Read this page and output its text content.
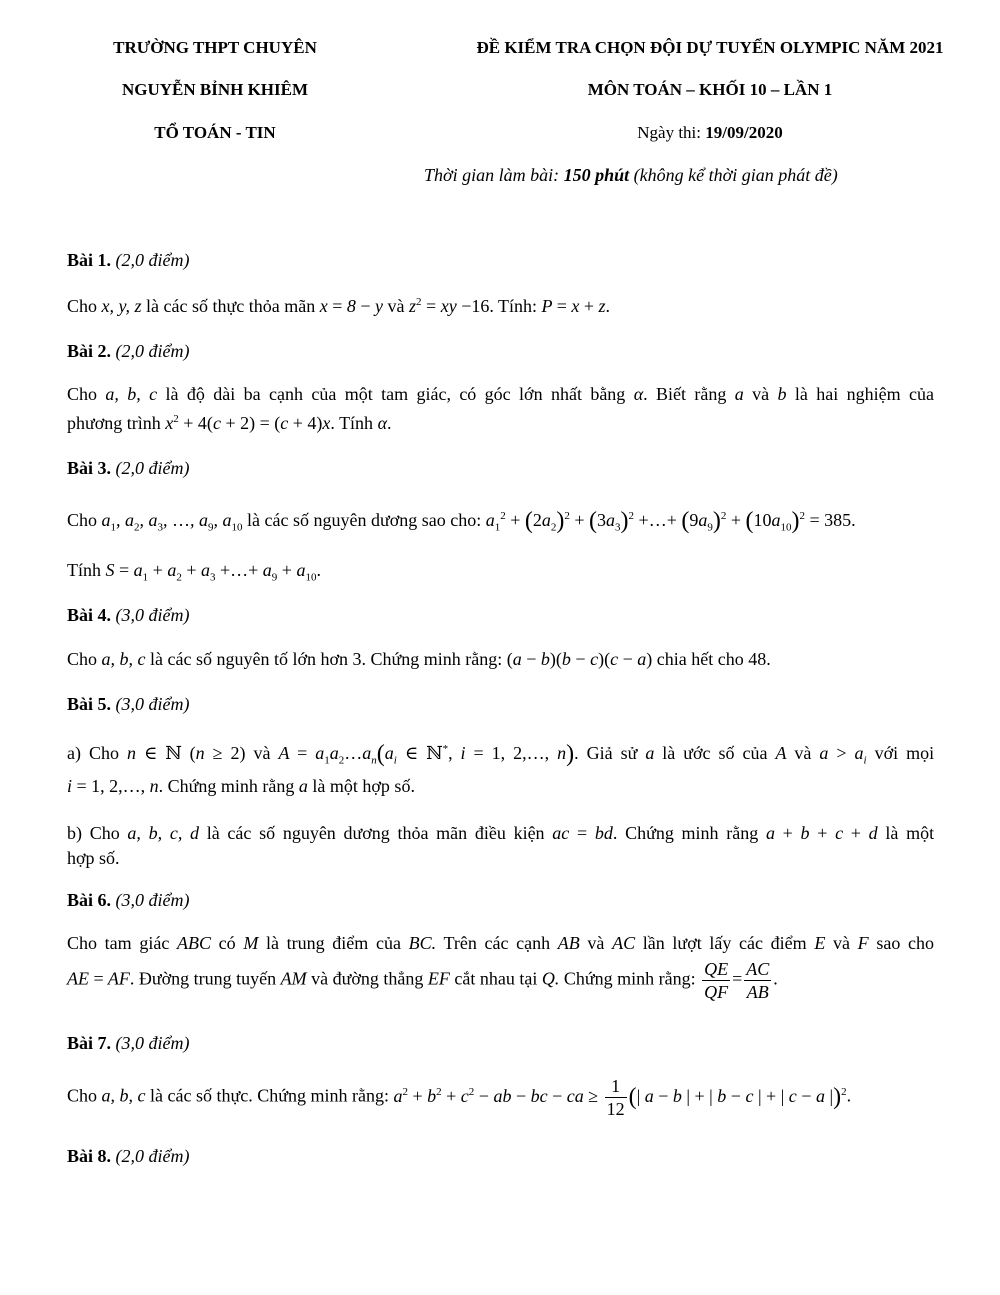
TRƯỜNG THPT CHUYÊN
NGUYỄN BỈNH KHIÊM
TỔ TOÁN - TIN
ĐỀ KIỂM TRA CHỌN ĐỘI DỰ TUYỂN OLYMPIC NĂM 2021
MÔN TOÁN – KHỐI 10 – LẦN 1
Ngày thi: 19/09/2020
Thời gian làm bài: 150 phút (không kể thời gian phát đề)
Bài 1. (2,0 điểm)
Cho x, y, z là các số thực thỏa mãn x = 8 − y và $z^2$ = xy −16. Tính: P = x + z.
Bài 2. (2,0 điểm)
Cho a, b, c là độ dài ba cạnh của một tam giác, có góc lớn nhất bằng α. Biết rằng a và b là hai nghiệm của
phương trình $x^2 + 4(c + 2) = (c + 4)x$. Tính α.
Bài 3. (2,0 điểm)
Cho $a_1$, $a_2$, $a_3$, …, $a_9$, $a_{10}$ là các số nguyên dương sao cho: $a_1^2 + (2a_2)^2 + (3a_3)^2$ +…+ $(9a_9)^2 + (10a_{10})^2 = 385$.
Tính $S = a_1 + a_2 + a_3$ +…+ $a_9 + a_{10}$.
Bài 4. (3,0 điểm)
Cho a, b, c là các số nguyên tố lớn hơn 3. Chứng minh rằng: (a − b)(b − c)(c − a) chia hết cho 48.
Bài 5. (3,0 điểm)
a) Cho n ∈ ℕ (n ≥ 2) và $A = a_1a_2\dots a_n(a_i$ ∈ ℕ*, i = 1, 2,…, n). Giả sử a là ước số của A và $a > a_i$ với mọi
i = 1, 2,…, n. Chứng minh rằng a là một hợp số.
b) Cho a, b, c, d là các số nguyên dương thỏa mãn điều kiện ac = bd. Chứng minh rằng a + b + c + d là một
hợp số.
Bài 6. (3,0 điểm)
Cho tam giác ABC có M là trung điểm của BC. Trên các cạnh AB và AC lần lượt lấy các điểm E và F sao cho
AE = AF. Đường trung tuyến AM và đường thẳng EF cắt nhau tại Q. Chứng minh rằng: $\frac{QE}{QF} = \frac{AC}{AB}$ .
Bài 7. (3,0 điểm)
Cho a, b, c là các số thực. Chứng minh rằng: $a^2 + b^2 + c^2$ − ab − bc − ca ≥ $\frac{1}{12}$ (| a − b | + | b − c | + | c − a |)$^2$.
Bài 8. (2,0 điểm)
